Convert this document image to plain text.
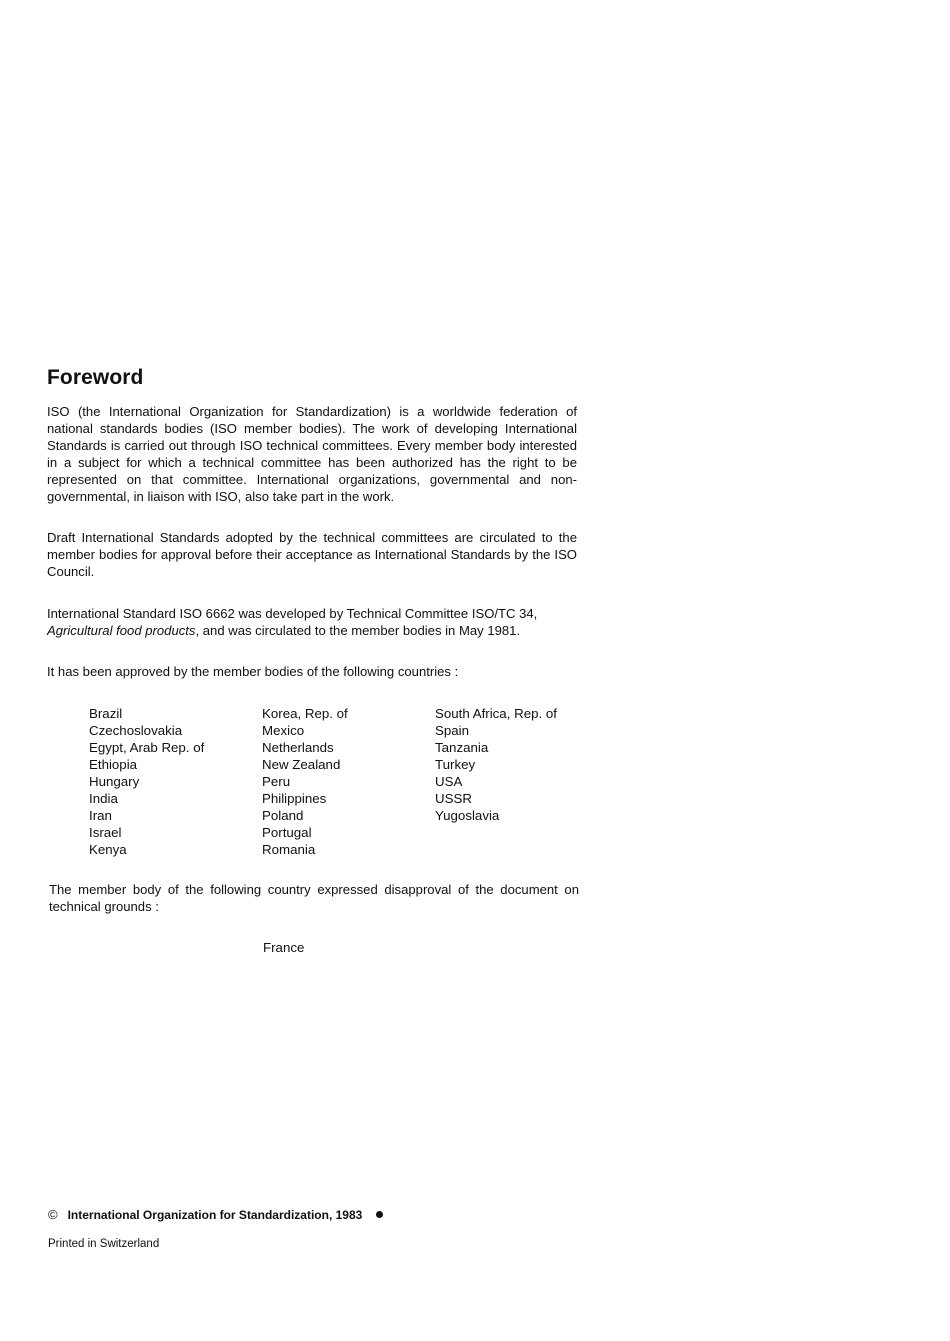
Foreword

ISO (the International Organization for Standardization) is a worldwide federation of national standards bodies (ISO member bodies). The work of developing International Standards is carried out through ISO technical committees. Every member body interested in a subject for which a technical committee has been authorized has the right to be represented on that committee. International organizations, governmental and non-governmental, in liaison with ISO, also take part in the work.

Draft International Standards adopted by the technical committees are circulated to the member bodies for approval before their acceptance as International Standards by the ISO Council.

International Standard ISO 6662 was developed by Technical Committee ISO/TC 34,
Agricultural food products, and was circulated to the member bodies in May 1981.

It has been approved by the member bodies of the following countries :

Brazil
Czechoslovakia
Egypt, Arab Rep. of
Ethiopia
Hungary
India
Iran
Israel
Kenya
Korea, Rep. of
Mexico
Netherlands
New Zealand
Peru
Philippines
Poland
Portugal
Romania
South Africa, Rep. of
Spain
Tanzania
Turkey
USA
USSR
Yugoslavia

The member body of the following country expressed disapproval of the document on technical grounds :

France

© International Organization for Standardization, 1983

Printed in Switzerland
